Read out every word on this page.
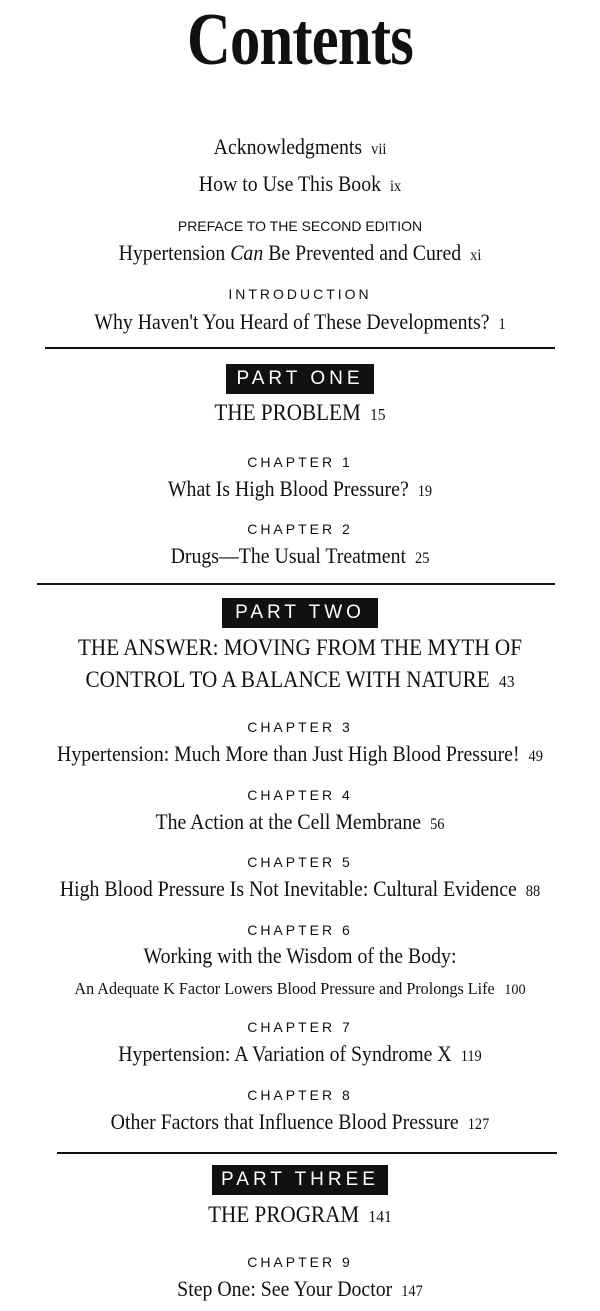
Contents
Acknowledgments vii
How to Use This Book ix
PREFACE TO THE SECOND EDITION
Hypertension Can Be Prevented and Cured xi
INTRODUCTION
Why Haven't You Heard of These Developments? 1
PART ONE
THE PROBLEM 15
CHAPTER 1
What Is High Blood Pressure? 19
CHAPTER 2
Drugs—The Usual Treatment 25
PART TWO
THE ANSWER: MOVING FROM THE MYTH OF
CONTROL TO A BALANCE WITH NATURE 43
CHAPTER 3
Hypertension: Much More than Just High Blood Pressure! 49
CHAPTER 4
The Action at the Cell Membrane 56
CHAPTER 5
High Blood Pressure Is Not Inevitable: Cultural Evidence 88
CHAPTER 6
Working with the Wisdom of the Body:
An Adequate K Factor Lowers Blood Pressure and Prolongs Life 100
CHAPTER 7
Hypertension: A Variation of Syndrome X 119
CHAPTER 8
Other Factors that Influence Blood Pressure 127
PART THREE
THE PROGRAM 141
CHAPTER 9
Step One: See Your Doctor 147
